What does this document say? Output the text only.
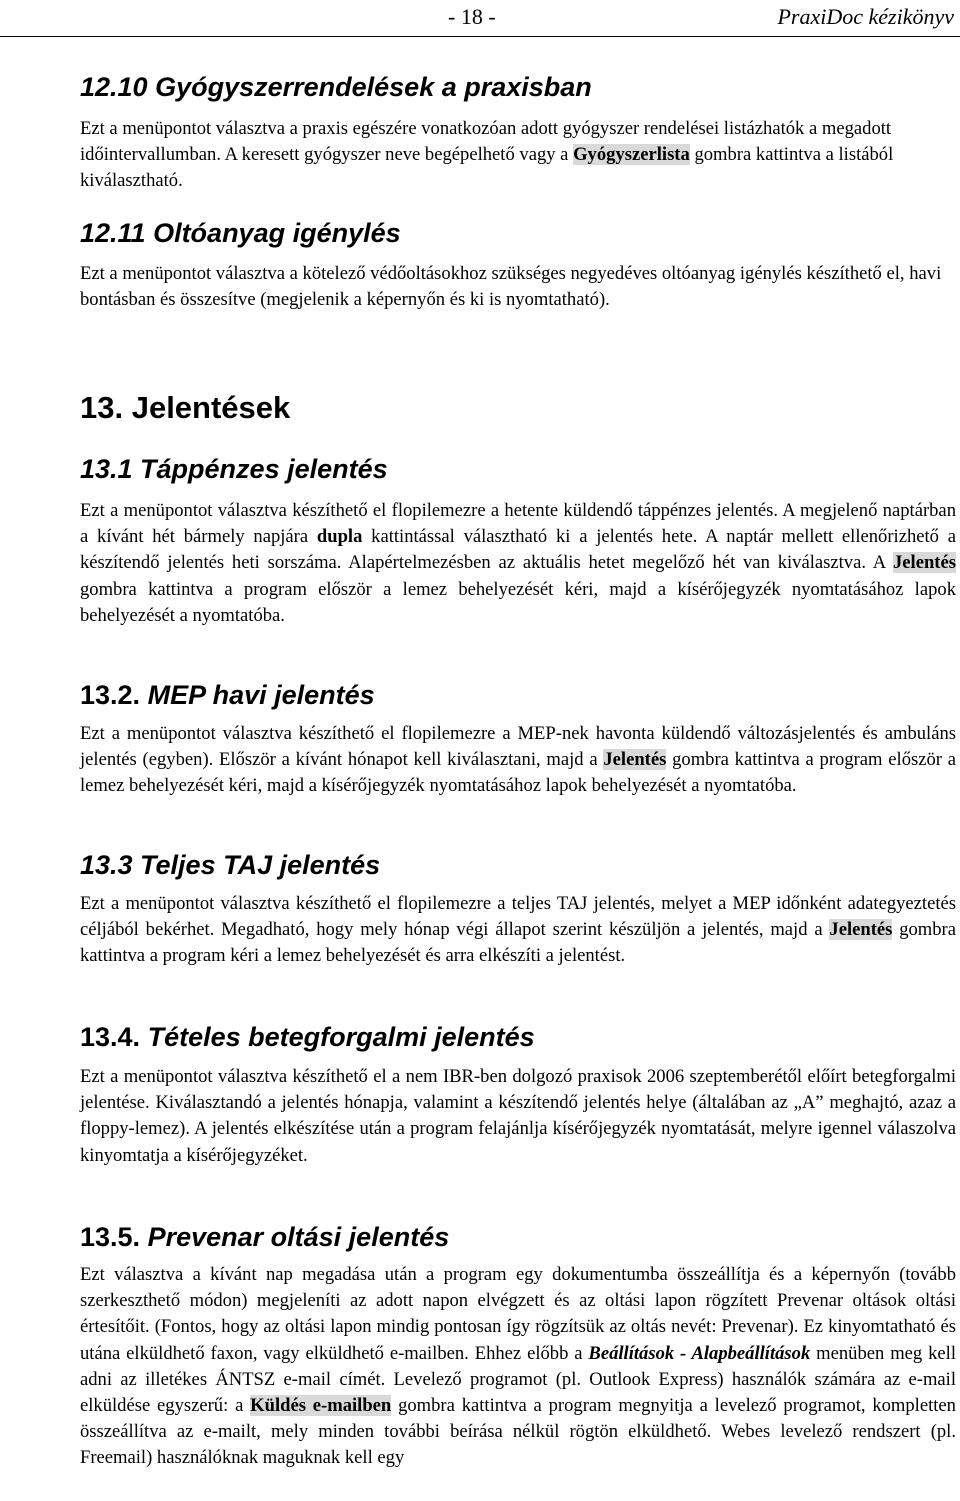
- 18 -	PraxiDoc kézikönyv
12.10 Gyógyszerrendelések a praxisban

Ezt a menüpontot választva a praxis egészére vonatkozóan adott gyógyszer rendelései listázhatók a megadott időintervallumban. A keresett gyógyszer neve begépelhető vagy a Gyógyszerlista gombra kattintva a listából kiválasztható.

12.11 Oltóanyag igénylés

Ezt a menüpontot választva a kötelező védőoltásokhoz szükséges negyedéves oltóanyag igénylés készíthető el, havi bontásban és összesítve (megjelenik a képernyőn és ki is nyomtatható).

13. Jelentések
13.1 Táppénzes jelentés

Ezt a menüpontot választva készíthető el flopilemezre a hetente küldendő táppénzes jelentés. A megjelenő naptárban a kívánt hét bármely napjára dupla kattintással választható ki a jelentés hete. A naptár mellett ellenőrizhető a készítendő jelentés heti sorszáma. Alapértelmezésben az aktuális hetet megelőző hét van kiválasztva. A Jelentés gombra kattintva a program először a lemez behelyezését kéri, majd a kísérőjegyzék nyomtatásához lapok behelyezését a nyomtatóba.

13.2. MEP havi jelentés

Ezt a menüpontot választva készíthető el flopilemezre a MEP-nek havonta küldendő változásjelentés és ambuláns jelentés (egyben). Először a kívánt hónapot kell kiválasztani, majd a Jelentés gombra kattintva a program először a lemez behelyezését kéri, majd a kísérőjegyzék nyomtatásához lapok behelyezését a nyomtatóba.

13.3 Teljes TAJ jelentés

Ezt a menüpontot választva készíthető el flopilemezre a teljes TAJ jelentés, melyet a MEP időnként adategyeztetés céljából bekérhet. Megadható, hogy mely hónap végi állapot szerint készüljön a jelentés, majd a Jelentés gombra kattintva a program kéri a lemez behelyezését és arra elkészíti a jelentést.

13.4. Tételes betegforgalmi jelentés

Ezt a menüpontot választva készíthető el a nem IBR-ben dolgozó praxisok 2006 szeptemberétől előírt betegforgalmi jelentése. Kiválasztandó a jelentés hónapja, valamint a készítendő jelentés helye (általában az „A” meghajtó, azaz a floppy-lemez). A jelentés elkészítése után a program felajánlja kísérőjegyzék nyomtatását, melyre igennel válaszolva kinyomtatja a kísérőjegyzéket.

13.5. Prevenar oltási jelentés

Ezt választva a kívánt nap megadása után a program egy dokumentumba összeállítja és a képernyőn (tovább szerkeszthető módon) megjeleníti az adott napon elvégzett és az oltási lapon rögzített Prevenar oltások oltási értesítőit. (Fontos, hogy az oltási lapon mindig pontosan így rögzítsük az oltás nevét: Prevenar). Ez kinyomtatható és utána elküldhető faxon, vagy elküldhető e-mailben. Ehhez előbb a Beállítások - Alapbeállítások menüben meg kell adni az illetékes ÁNTSZ e-mail címét. Levelező programot (pl. Outlook Express) használók számára az e-mail elküldése egyszerű: a Küldés e-mailben gombra kattintva a program megnyitja a levelező programot, kompletten összeállítva az e-mailt, mely minden további beírása nélkül rögtön elküldhető. Webes levelező rendszert (pl. Freemail) használóknak maguknak kell egy
